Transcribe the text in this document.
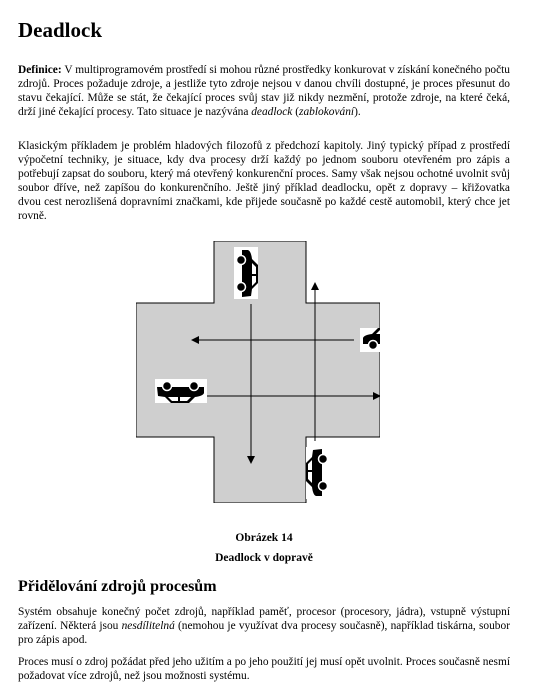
Deadlock

Definice: V multiprogramovém prostředí si mohou různé prostředky konkurovat v získání konečného počtu zdrojů. Proces požaduje zdroje, a jestliže tyto zdroje nejsou v danou chvíli dostupné, je proces přesunut do stavu čekající. Může se stát, že čekající proces svůj stav již nikdy nezmění, protože zdroje, na které čeká, drží jiné čekající procesy. Tato situace je nazývána deadlock (zablokování).

Klasickým příkladem je problém hladových filozofů z předchozí kapitoly. Jiný typický případ z prostředí výpočetní techniky, je situace, kdy dva procesy drží každý po jednom souboru otevřeném pro zápis a potřebují zapsat do souboru, který má otevřený konkurenční proces. Samy však nejsou ochotné uvolnit svůj soubor dříve, než zapíšou do konkurenčního. Ještě jiný příklad deadlocku, opět z dopravy – křižovatka dvou cest nerozlišená dopravními značkami, kde přijede současně po každé cestě automobil, který chce jet rovně.

Obrázek 14
Deadlock v dopravě
Přidělování zdrojů procesům

Systém obsahuje konečný počet zdrojů, například paměť, procesor (procesory, jádra), vstupně výstupní zařízení. Některá jsou nesdílitelná (nemohou je využívat dva procesy současně), například tiskárna, soubor pro zápis apod.

Proces musí o zdroj požádat před jeho užitím a po jeho použití jej musí opět uvolnit. Proces současně nesmí požadovat více zdrojů, než jsou možnosti systému.
